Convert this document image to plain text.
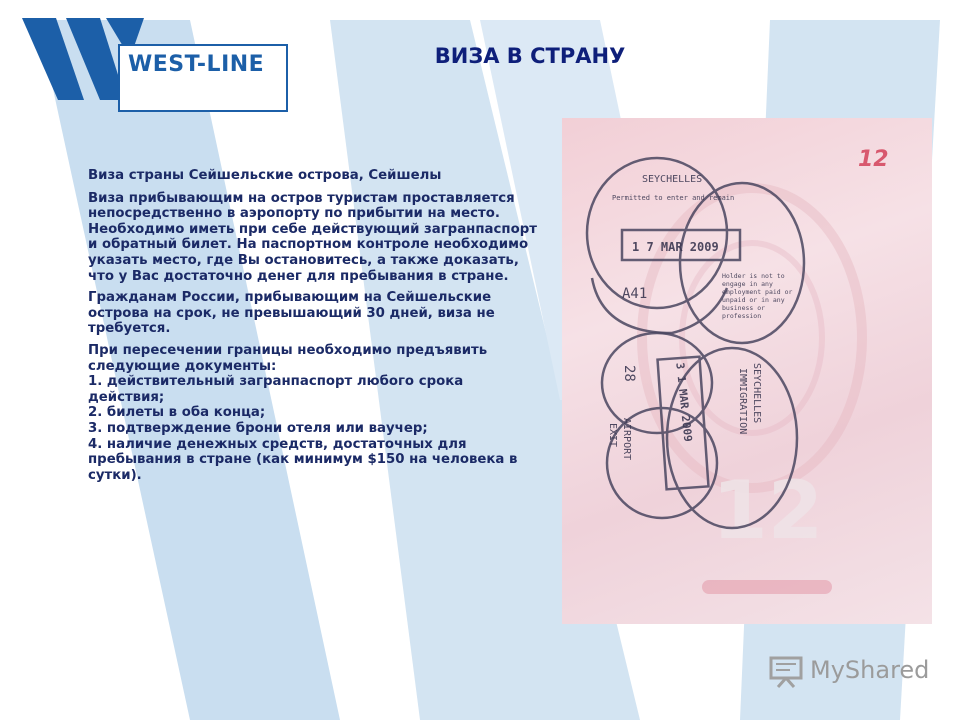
WEST-LINE	ВИЗА В СТРАНУ

Виза страны Сейшельские острова, Сейшелы

Виза прибывающим на остров туристам проставляется непосредственно в аэропорту по прибытии на место. Необходимо иметь при себе действующий загранпаспорт и обратный билет. На паспортном контроле необходимо указать место, где Вы остановитесь, а также доказать, что у Вас достаточно денег для пребывания в стране.

Гражданам России, прибывающим на Сейшельские острова на срок, не превышающий 30 дней, виза не требуется.

При пересечении границы необходимо предъявить следующие документы:
1. действительный загранпаспорт любого срока действия;
2. билеты в оба конца;
3. подтверждение брони отеля или ваучер;
4. наличие денежных средств, достаточных для пребывания в стране (как минимум $150 на человека в сутки).	12
12
SEYCHELLES
Permitted to enter and remain
1 7 MAR 2009
A41
Holder is not to
engage in any
employment paid or
unpaid or in any
business or
profession
28	3 1 MAR 2009	SEYCHELLES
IMMIGRATION
AIRPORT
EXIT
MyShared
